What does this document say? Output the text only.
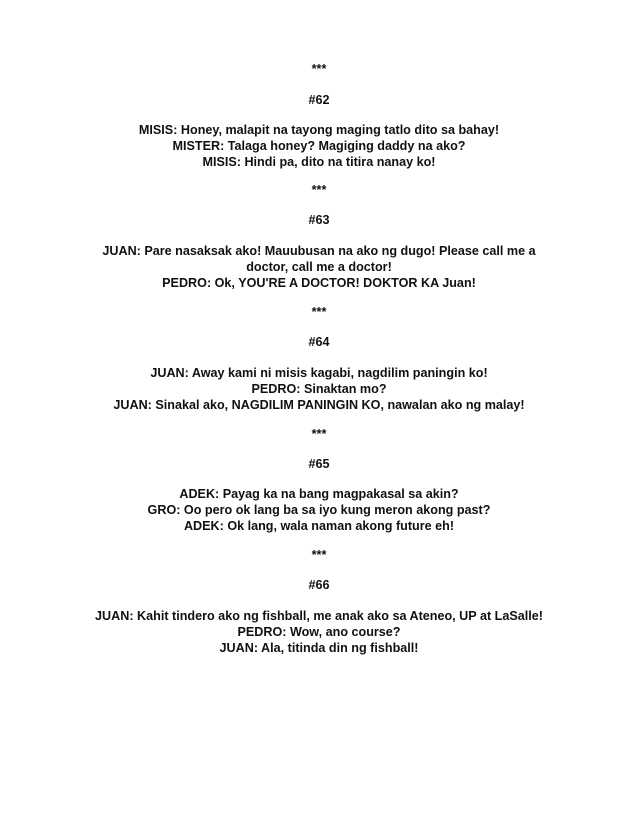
***
#62
MISIS: Honey, malapit na tayong maging tatlo dito sa bahay!
MISTER: Talaga honey? Magiging daddy na ako?
MISIS: Hindi pa, dito na titira nanay ko!
***
#63
JUAN: Pare nasaksak ako! Mauubusan na ako ng dugo! Please call me a
doctor, call me a doctor!
PEDRO: Ok, YOU'RE A DOCTOR! DOKTOR KA Juan!
***
#64
JUAN: Away kami ni misis kagabi, nagdilim paningin ko!
PEDRO: Sinaktan mo?
JUAN: Sinakal ako, NAGDILIM PANINGIN KO, nawalan ako ng malay!
***
#65
ADEK: Payag ka na bang magpakasal sa akin?
GRO: Oo pero ok lang ba sa iyo kung meron akong past?
ADEK: Ok lang, wala naman akong future eh!
***
#66
JUAN: Kahit tindero ako ng fishball, me anak ako sa Ateneo, UP at LaSalle!
PEDRO: Wow, ano course?
JUAN: Ala, titinda din ng fishball!
